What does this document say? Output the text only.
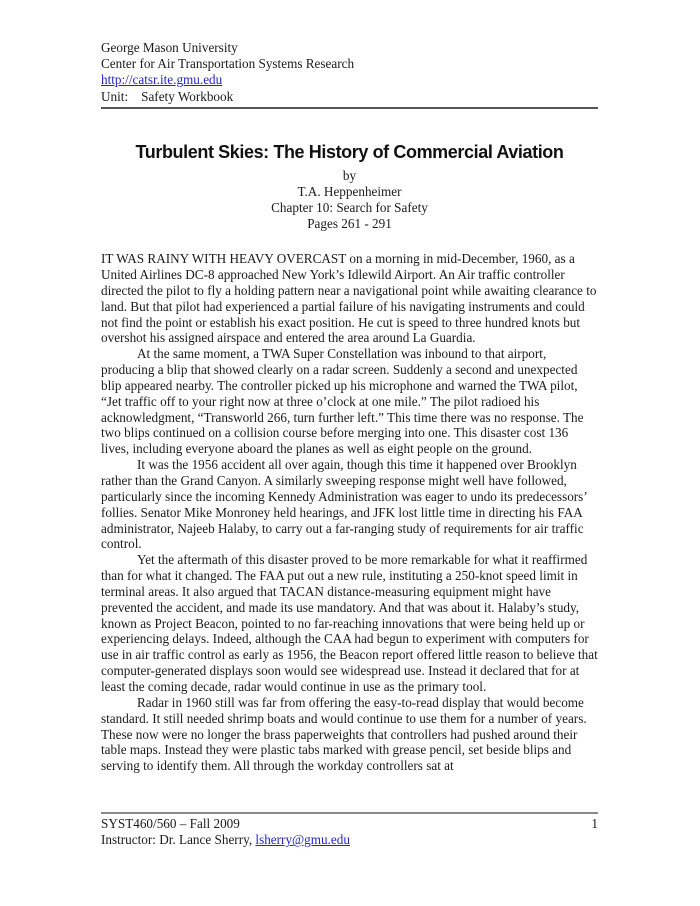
George Mason University
Center for Air Transportation Systems Research
http://catsr.ite.gmu.edu
Unit: Safety Workbook
Turbulent Skies: The History of Commercial Aviation
by
T.A. Heppenheimer
Chapter 10: Search for Safety
Pages 261 - 291

IT WAS RAINY WITH HEAVY OVERCAST on a morning in mid-December, 1960, as a United Airlines DC-8 approached New York’s Idlewild Airport. An Air traffic controller directed the pilot to fly a holding pattern near a navigational point while awaiting clearance to land. But that pilot had experienced a partial failure of his navigating instruments and could not find the point or establish his exact position. He cut is speed to three hundred knots but overshot his assigned airspace and entered the area around La Guardia.

At the same moment, a TWA Super Constellation was inbound to that airport, producing a blip that showed clearly on a radar screen. Suddenly a second and unexpected blip appeared nearby. The controller picked up his microphone and warned the TWA pilot, “Jet traffic off to your right now at three o’clock at one mile.” The pilot radioed his acknowledgment, “Transworld 266, turn further left.” This time there was no response. The two blips continued on a collision course before merging into one. This disaster cost 136 lives, including everyone aboard the planes as well as eight people on the ground.

It was the 1956 accident all over again, though this time it happened over Brooklyn rather than the Grand Canyon. A similarly sweeping response might well have followed, particularly since the incoming Kennedy Administration was eager to undo its predecessors’ follies. Senator Mike Monroney held hearings, and JFK lost little time in directing his FAA administrator, Najeeb Halaby, to carry out a far-ranging study of requirements for air traffic control.

Yet the aftermath of this disaster proved to be more remarkable for what it reaffirmed than for what it changed. The FAA put out a new rule, instituting a 250-knot speed limit in terminal areas. It also argued that TACAN distance-measuring equipment might have prevented the accident, and made its use mandatory. And that was about it. Halaby’s study, known as Project Beacon, pointed to no far-reaching innovations that were being held up or experiencing delays. Indeed, although the CAA had begun to experiment with computers for use in air traffic control as early as 1956, the Beacon report offered little reason to believe that computer-generated displays soon would see widespread use. Instead it declared that for at least the coming decade, radar would continue in use as the primary tool.

Radar in 1960 still was far from offering the easy-to-read display that would become standard. It still needed shrimp boats and would continue to use them for a number of years. These now were no longer the brass paperweights that controllers had pushed around their table maps. Instead they were plastic tabs marked with grease pencil, set beside blips and serving to identify them. All through the workday controllers sat at

SYST460/560 – Fall 2009	1
Instructor: Dr. Lance Sherry, lsherry@gmu.edu
